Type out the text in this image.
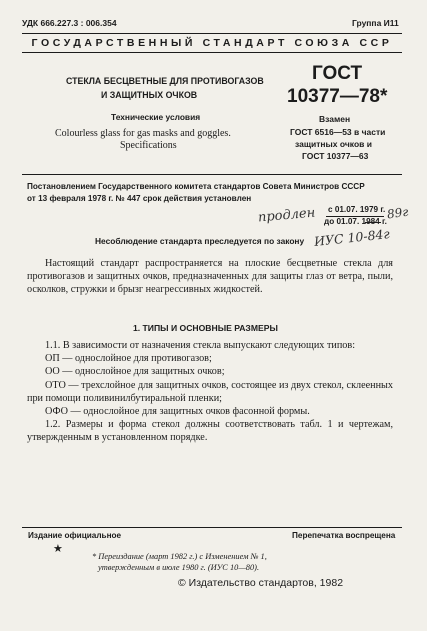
УДК 666.227.3 : 006.354	Группа И11
ГОСУДАРСТВЕННЫЙ СТАНДАРТ СОЮЗА ССР
СТЕКЛА БЕСЦВЕТНЫЕ ДЛЯ ПРОТИВОГАЗОВ
И ЗАЩИТНЫХ ОЧКОВ
Технические условия
Colourless glass for gas masks and goggles.
Specifications
ГОСТ
10377—78*
Взамен
ГОСТ 6516—53 в части
защитных очков и
ГОСТ 10377—63
Постановлением Государственного комитета стандартов Совета Министров СССР
от 13 февраля 1978 г. № 447 срок действия установлен
с 01.07. 1979 г.
до 01.07. 1984 г.
продлен	89г
Несоблюдение стандарта преследуется по закону ИУС 10-84г

Настоящий стандарт распространяется на плоские бесцветные стекла для противогазов и защитных очков, предназначенных для защиты глаз от ветра, пыли, осколков, стружки и брызг неагрессивных жидкостей.

1. ТИПЫ И ОСНОВНЫЕ РАЗМЕРЫ

1.1. В зависимости от назначения стекла выпускают следующих типов:

ОП — однослойное для противогазов;

ОО — однослойное для защитных очков;

ОТО — трехслойное для защитных очков, состоящее из двух стекол, склеенных при помощи поливинилбутиральной пленки;

ОФО — однослойное для защитных очков фасонной формы.

1.2. Размеры и форма стекол должны соответствовать табл. 1 и чертежам, утвержденным в установленном порядке.

Издание официальное	Перепечатка воспрещена
★
* Переиздание (март 1982 г.) с Изменением № 1,
утвержденным в июле 1980 г. (ИУС 10—80).
© Издательство стандартов, 1982
